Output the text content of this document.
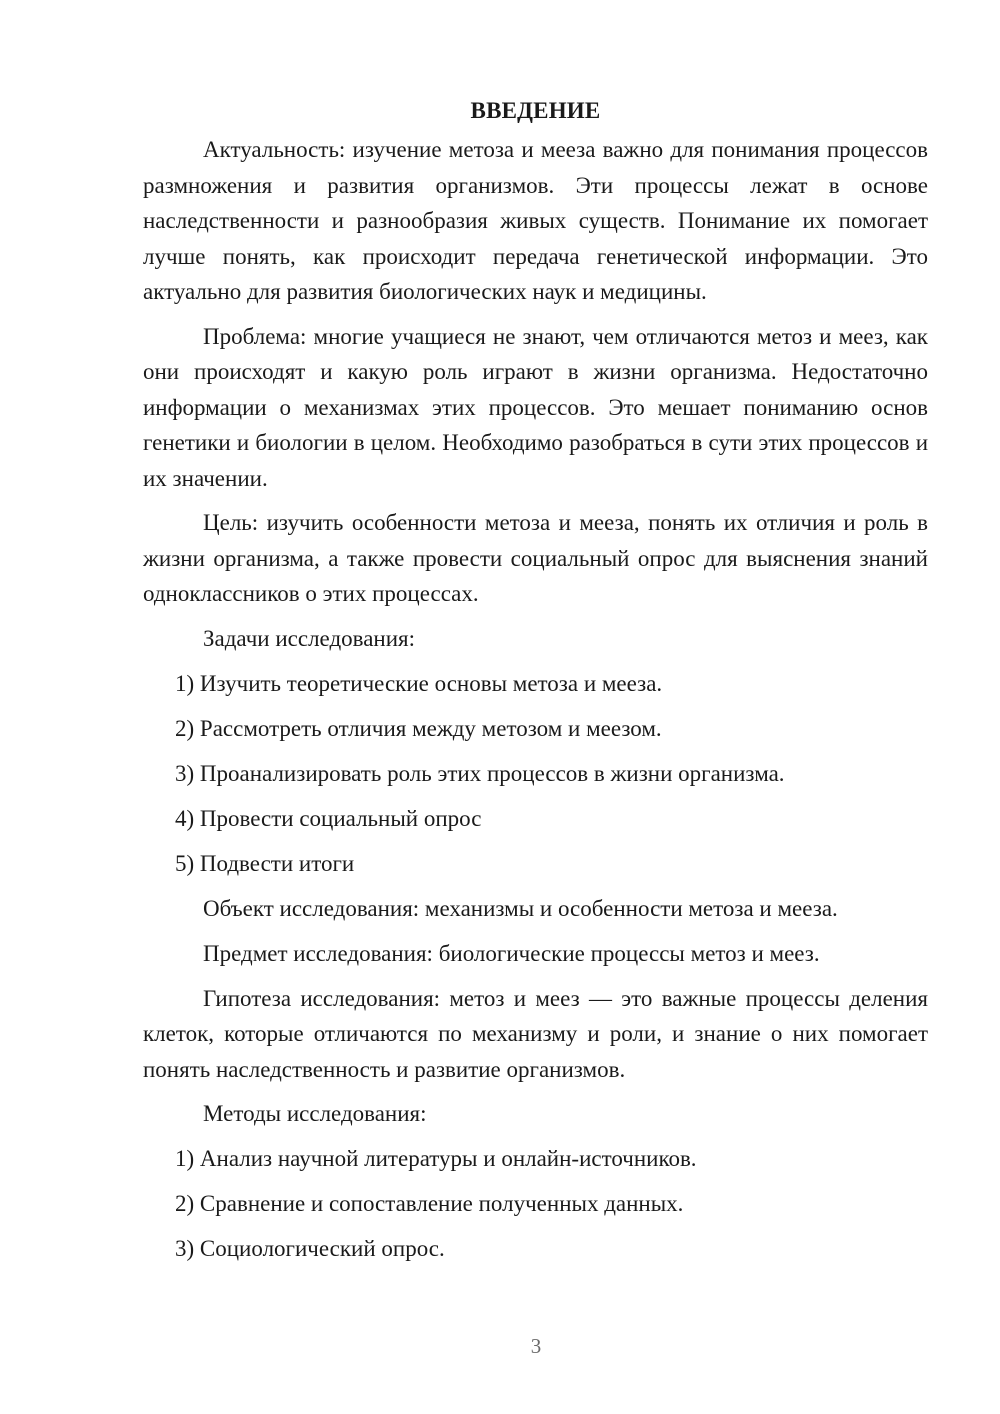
ВВЕДЕНИЕ

Актуальность: изучение метоза и мееза важно для понимания процессов размножения и развития организмов. Эти процессы лежат в основе наследственности и разнообразия живых существ. Понимание их помогает лучше понять, как происходит передача генетической информации. Это актуально для развития биологических наук и медицины.

Проблема: многие учащиеся не знают, чем отличаются метоз и меез, как они происходят и какую роль играют в жизни организма. Недостаточно информации о механизмах этих процессов. Это мешает пониманию основ генетики и биологии в целом. Необходимо разобраться в сути этих процессов и их значении.

Цель: изучить особенности метоза и мееза, понять их отличия и роль в жизни организма, а также провести социальный опрос для выяснения знаний одноклассников о этих процессах.

Задачи исследования:
1) Изучить теоретические основы метоза и мееза.
2) Рассмотреть отличия между метозом и меезом.
3) Проанализировать роль этих процессов в жизни организма.
4) Провести социальный опрос
5) Подвести итоги
Объект исследования: механизмы и особенности метоза и мееза.
Предмет исследования: биологические процессы метоз и меез.

Гипотеза исследования: метоз и меез — это важные процессы деления клеток, которые отличаются по механизму и роли, и знание о них помогает понять наследственность и развитие организмов.

Методы исследования:
1) Анализ научной литературы и онлайн-источников.
2) Сравнение и сопоставление полученных данных.
3) Социологический опрос.
3
